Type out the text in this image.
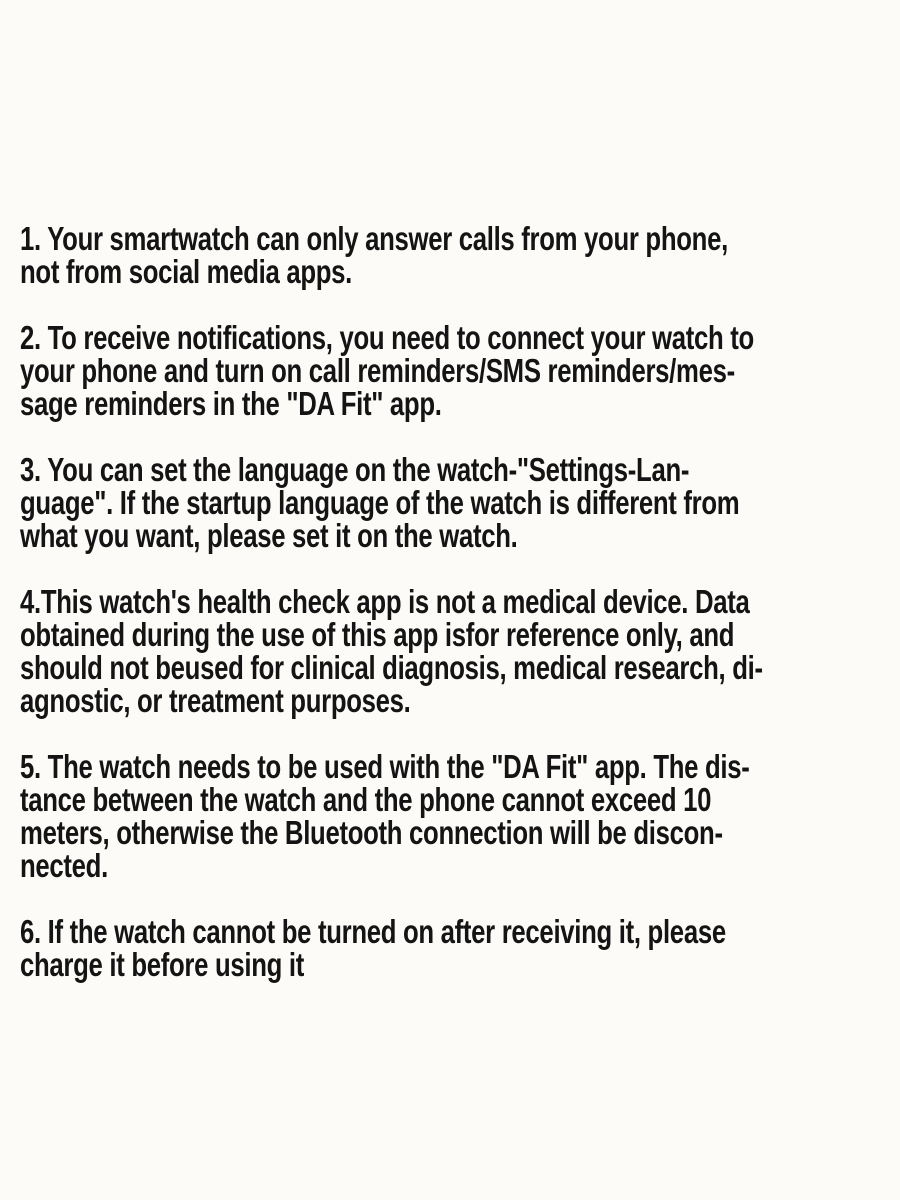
1. Your smartwatch can only answer calls from your phone,
not from social media apps.
2. To receive notifications, you need to connect your watch to
your phone and turn on call reminders/SMS reminders/mes-
sage reminders in the "DA Fit" app.
3. You can set the language on the watch-"Settings-Lan-
guage". If the startup language of the watch is different from
what you want, please set it on the watch.
4.This watch's health check app is not a medical device. Data
obtained during the use of this app isfor reference only, and
should not beused for clinical diagnosis, medical research, di-
agnostic, or treatment purposes.
5. The watch needs to be used with the "DA Fit" app. The dis-
tance between the watch and the phone cannot exceed 10
meters, otherwise the Bluetooth connection will be discon-
nected.
6. If the watch cannot be turned on after receiving it, please
charge it before using it
